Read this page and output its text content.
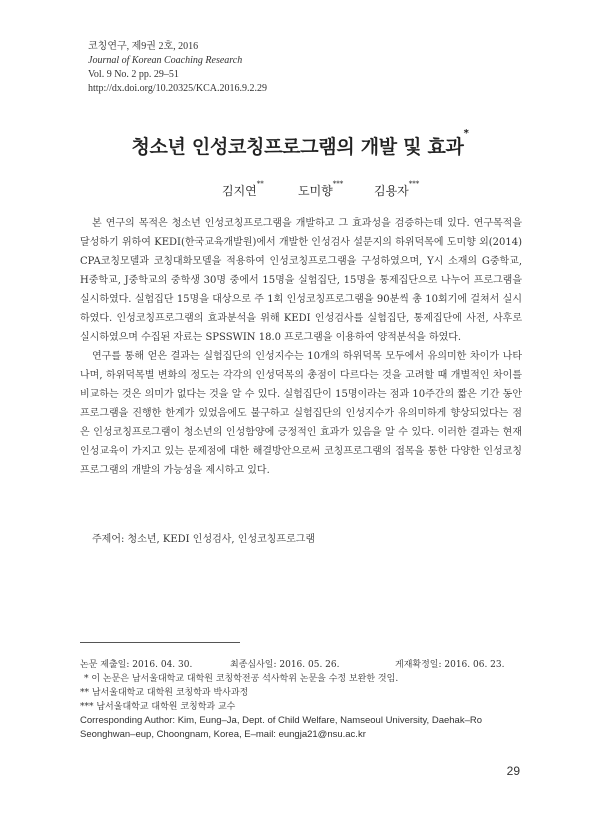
코칭연구, 제9권 2호, 2016
Journal of Korean Coaching Research
Vol. 9 No. 2 pp. 29–51
http://dx.doi.org/10.20325/KCA.2016.9.2.29
청소년 인성코칭프로그램의 개발 및 효과*
김지연**	도미향***	김용자***

본 연구의 목적은 청소년 인성코칭프로그램을 개발하고 그 효과성을 검증하는데 있다. 연구목적을 달성하기 위하여 KEDI(한국교육개발원)에서 개발한 인성검사 설문지의 하위덕목에 도미향 외(2014) CPA코칭모델과 코칭대화모델을 적용하여 인성코칭프로그램을 구성하였으며, Y시 소재의 G중학교, H중학교, J중학교의 중학생 30명 중에서 15명을 실험집단, 15명을 통제집단으로 나누어 프로그램을 실시하였다. 실험집단 15명을 대상으로 주 1회 인성코칭프로그램을 90분씩 총 10회기에 걸쳐서 실시하였다. 인성코칭프로그램의 효과분석을 위해 KEDI 인성검사를 실험집단, 통제집단에 사전, 사후로 실시하였으며 수집된 자료는 SPSSWIN 18.0 프로그램을 이용하여 양적분석을 하였다.

연구를 통해 얻은 결과는 실험집단의 인성지수는 10개의 하위덕목 모두에서 유의미한 차이가 나타나며, 하위덕목별 변화의 정도는 각각의 인성덕목의 총점이 다르다는 것을 고려할 때 개별적인 차이를 비교하는 것은 의미가 없다는 것을 알 수 있다. 실험집단이 15명이라는 점과 10주간의 짧은 기간 동안 프로그램을 진행한 한계가 있었음에도 불구하고 실험집단의 인성지수가 유의미하게 향상되었다는 점은 인성코칭프로그램이 청소년의 인성함양에 긍정적인 효과가 있음을 알 수 있다. 이러한 결과는 현재 인성교육이 가지고 있는 문제점에 대한 해결방안으로써 코칭프로그램의 접목을 통한 다양한 인성코칭프로그램의 개발의 가능성을 제시하고 있다.

주제어: 청소년, KEDI 인성검사, 인성코칭프로그램
논문 제출일: 2016. 04. 30.	최종심사일: 2016. 05. 26.	게재확정일: 2016. 06. 23.
* 이 논문은 남서울대학교 대학원 코칭학전공 석사학위 논문을 수정 보완한 것임.
** 남서울대학교 대학원 코칭학과 박사과정
*** 남서울대학교 대학원 코칭학과 교수
Corresponding Author: Kim, Eung–Ja, Dept. of Child Welfare, Namseoul University, Daehak–Ro Seonghwan–eup, Choongnam, Korea, E–mail: eungja21@nsu.ac.kr
29
